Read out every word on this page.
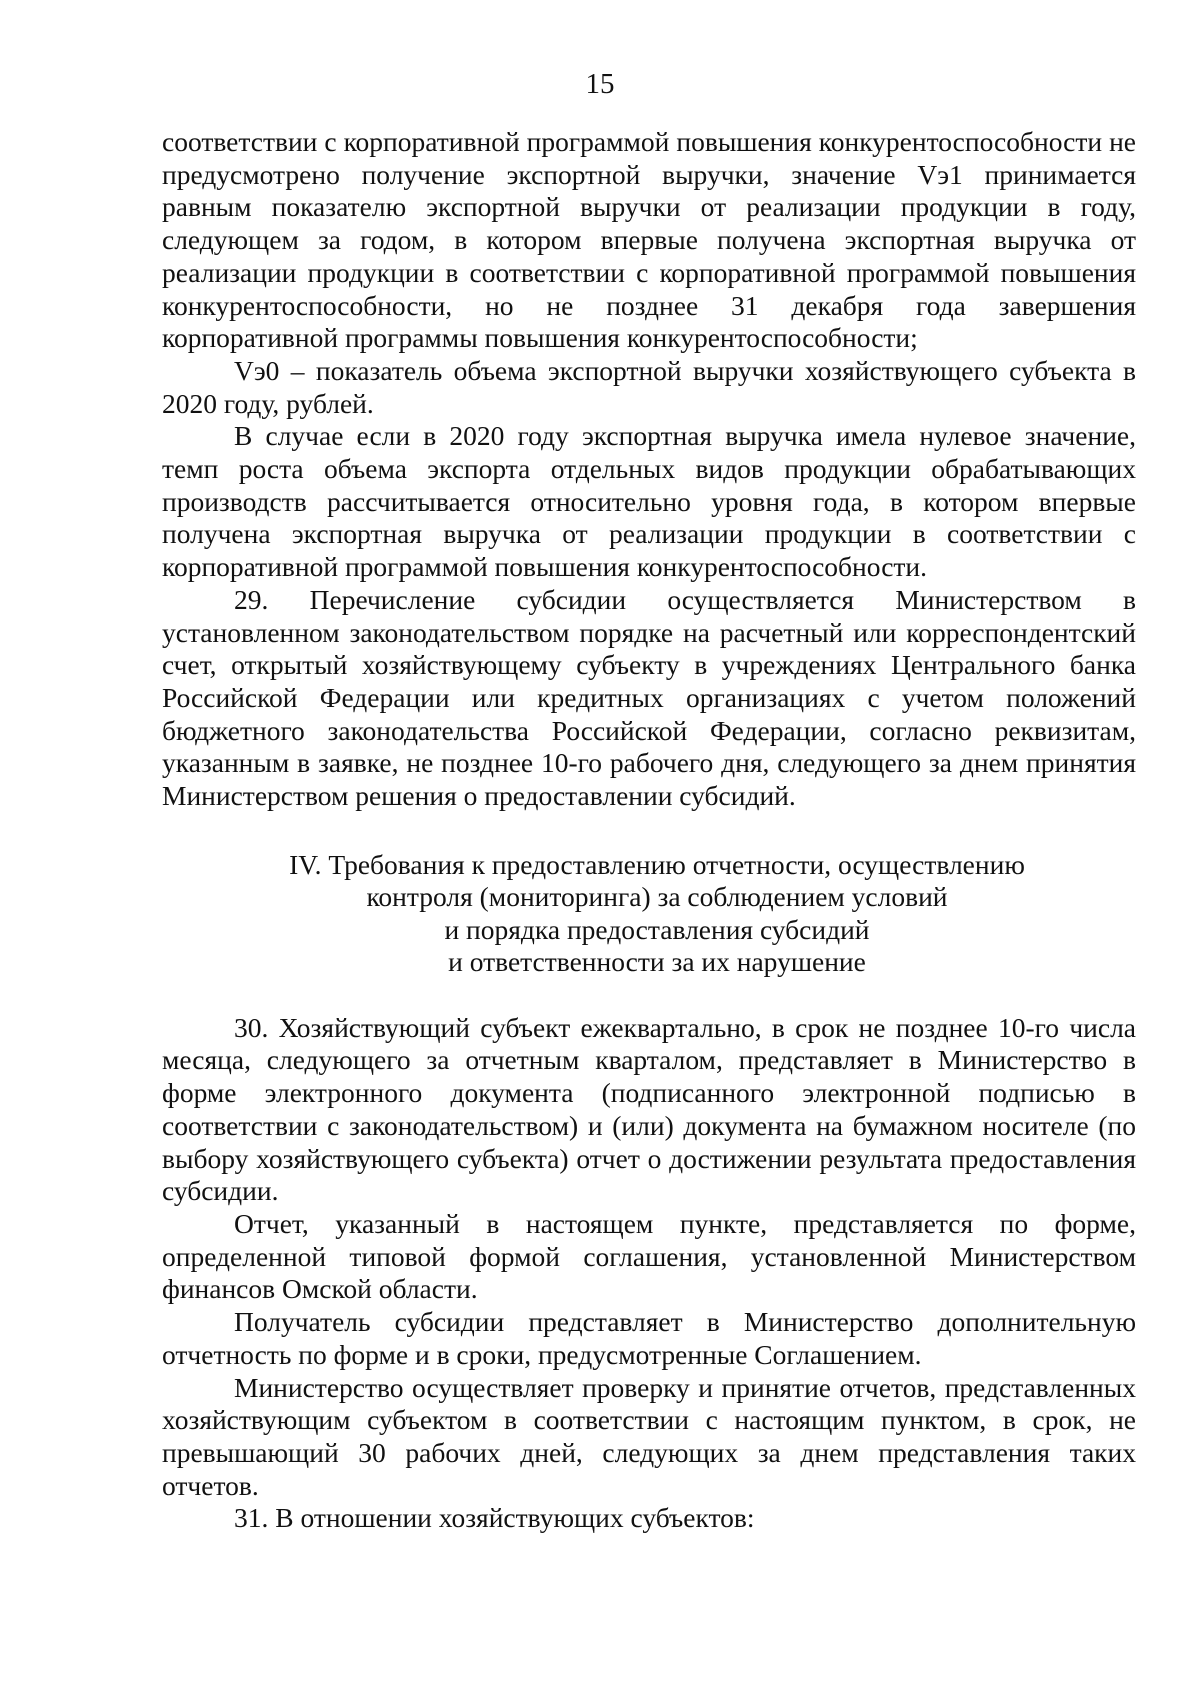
15

соответствии с корпоративной программой повышения конкурентоспособности не предусмотрено получение экспортной выручки, значение Vэ1 принимается равным показателю экспортной выручки от реализации продукции в году, следующем за годом, в котором впервые получена экспортная выручка от реализации продукции в соответствии с корпоративной программой повышения конкурентоспособности, но не позднее 31 декабря года завершения корпоративной программы повышения конкурентоспособности;

Vэ0 – показатель объема экспортной выручки хозяйствующего субъекта в 2020 году, рублей.

В случае если в 2020 году экспортная выручка имела нулевое значение, темп роста объема экспорта отдельных видов продукции обрабатывающих производств рассчитывается относительно уровня года, в котором впервые получена экспортная выручка от реализации продукции в соответствии с корпоративной программой повышения конкурентоспособности.

29. Перечисление субсидии осуществляется Министерством в установленном законодательством порядке на расчетный или корреспондентский счет, открытый хозяйствующему субъекту в учреждениях Центрального банка Российской Федерации или кредитных организациях с учетом положений бюджетного законодательства Российской Федерации, согласно реквизитам, указанным в заявке, не позднее 10-го рабочего дня, следующего за днем принятия Министерством решения о предоставлении субсидий.

IV. Требования к предоставлению отчетности, осуществлению
контроля (мониторинга) за соблюдением условий
и порядка предоставления субсидий
и ответственности за их нарушение

30. Хозяйствующий субъект ежеквартально, в срок не позднее 10-го числа месяца, следующего за отчетным кварталом, представляет в Министерство в форме электронного документа (подписанного электронной подписью в соответствии с законодательством) и (или) документа на бумажном носителе (по выбору хозяйствующего субъекта) отчет о достижении результата предоставления субсидии.

Отчет, указанный в настоящем пункте, представляется по форме, определенной типовой формой соглашения, установленной Министерством финансов Омской области.

Получатель субсидии представляет в Министерство дополнительную отчетность по форме и в сроки, предусмотренные Соглашением.

Министерство осуществляет проверку и принятие отчетов, представленных хозяйствующим субъектом в соответствии с настоящим пунктом, в срок, не превышающий 30 рабочих дней, следующих за днем представления таких отчетов.

31. В отношении хозяйствующих субъектов:
